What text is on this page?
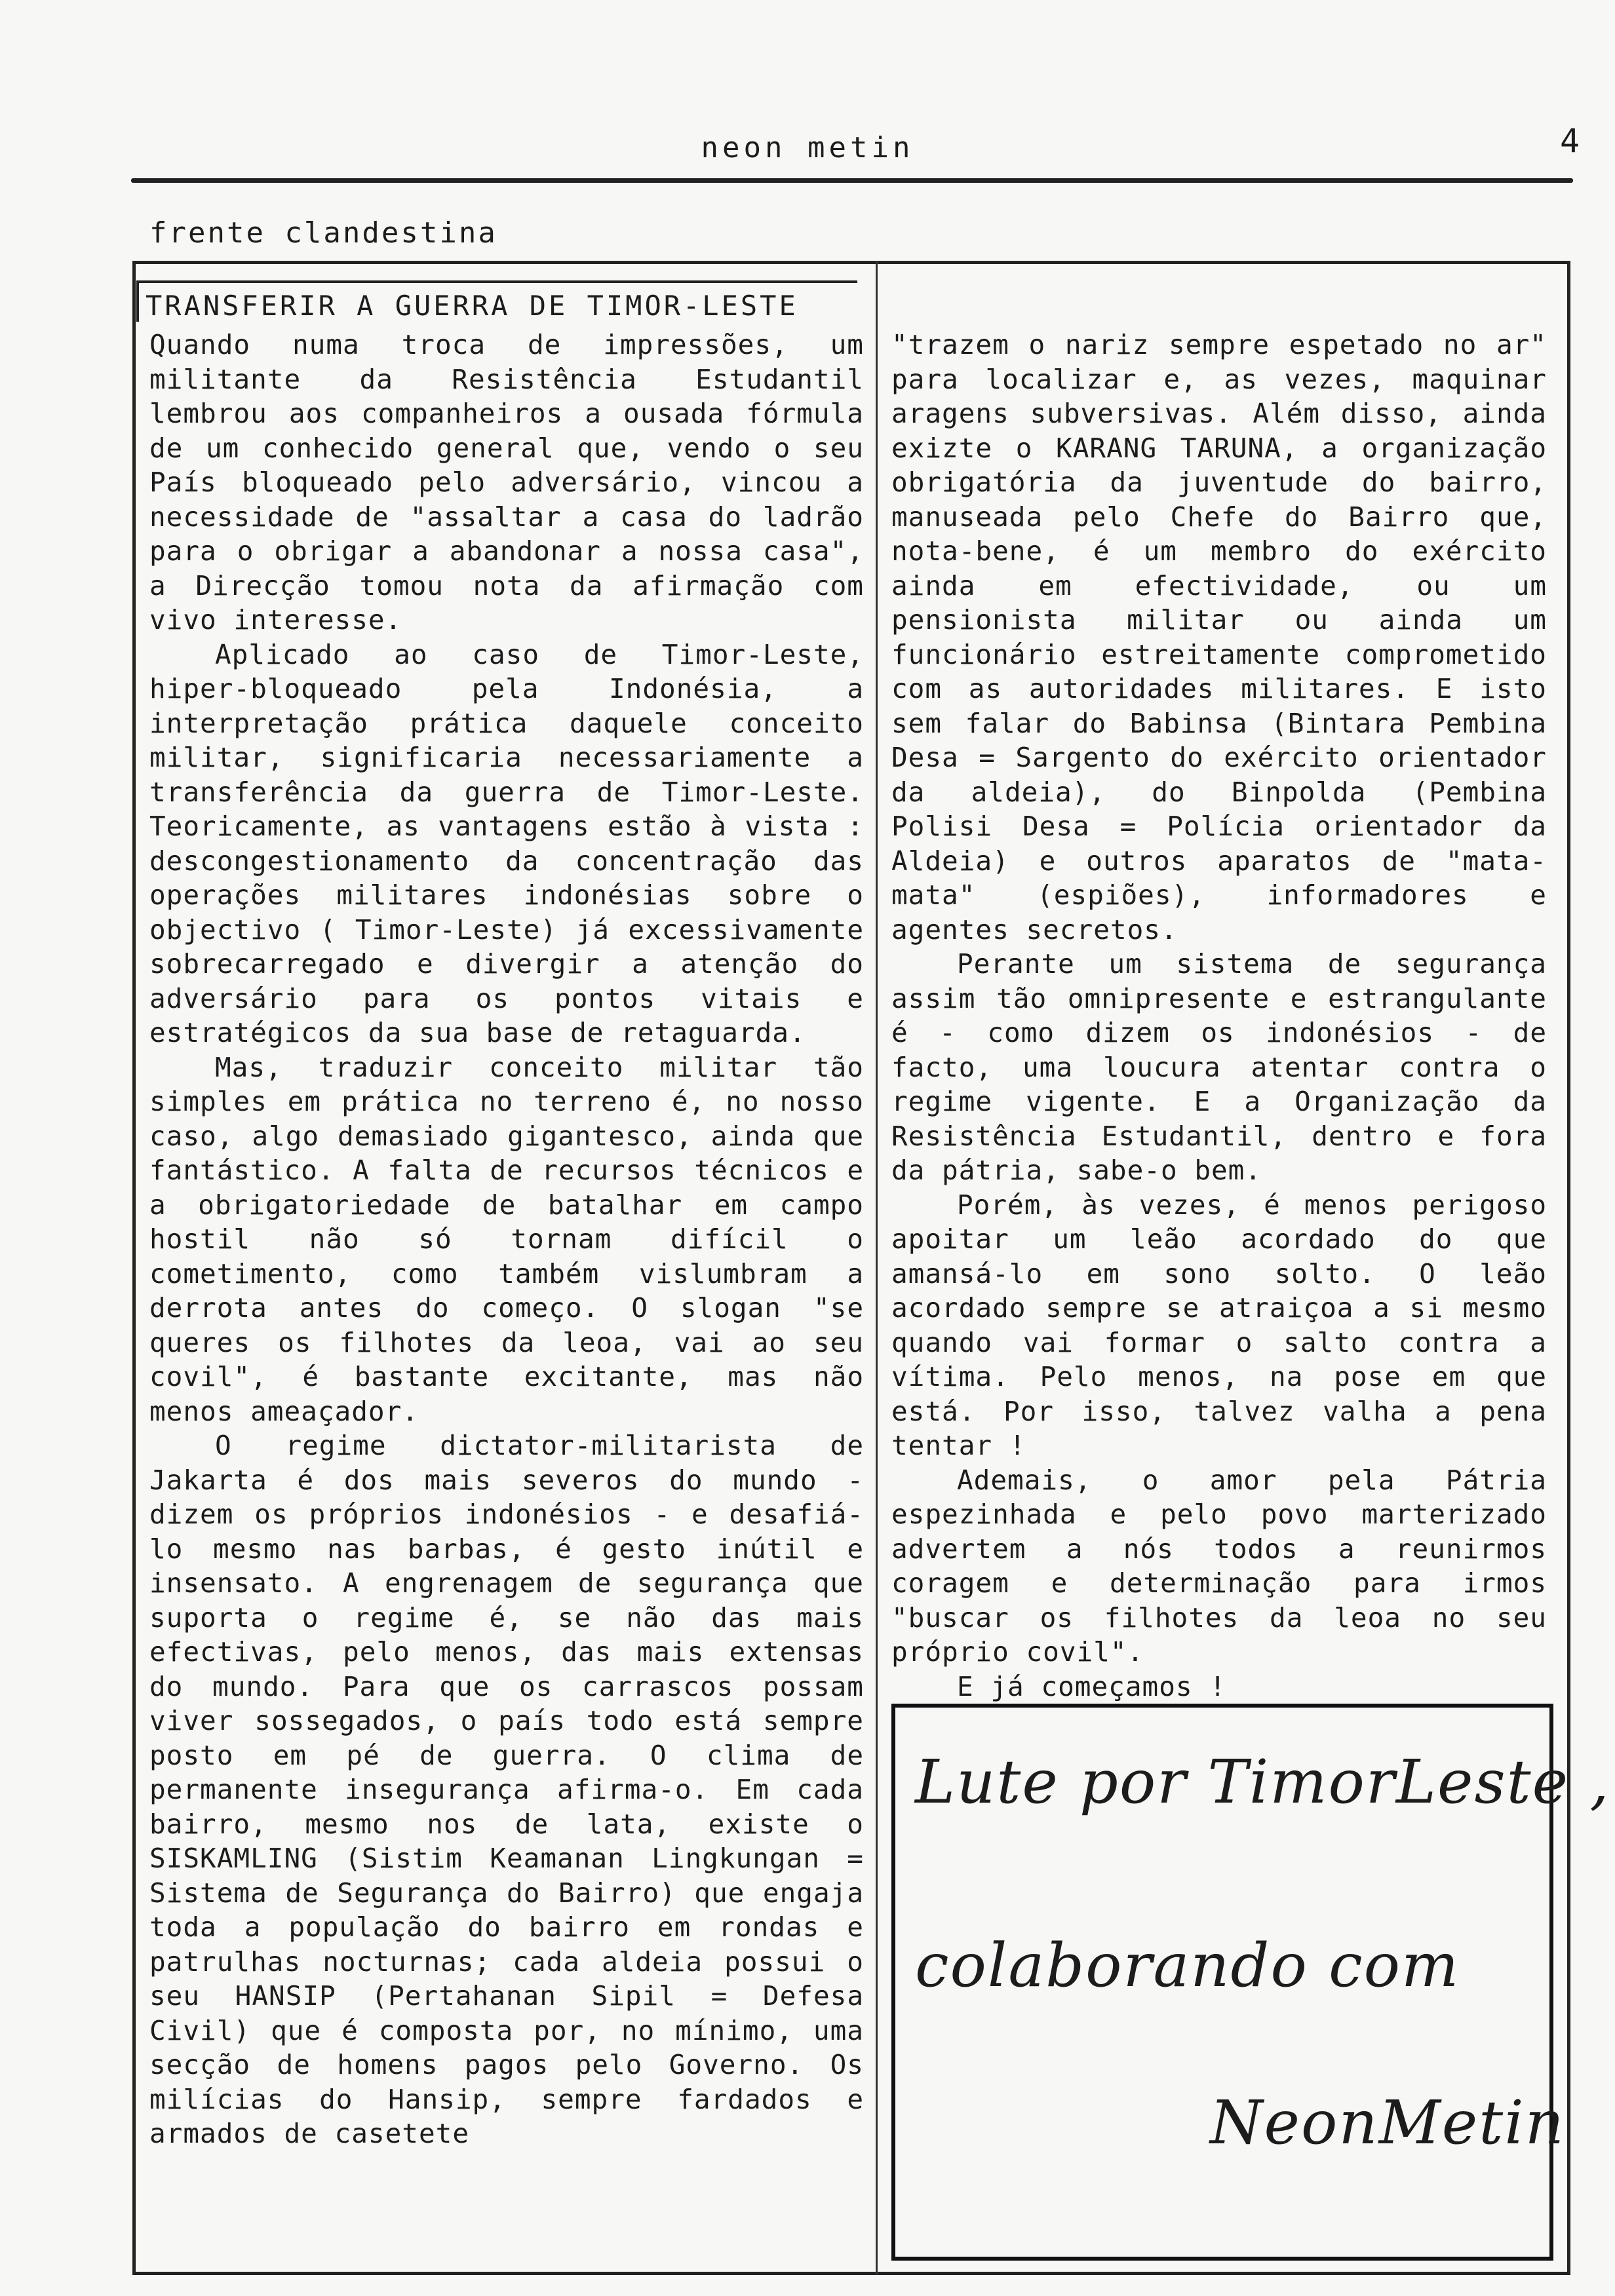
neon metin	4
frente clandestina
TRANSFERIR A GUERRA DE TIMOR-LESTE

Quando numa troca de impressões, um militante da Resistência Estudantil lembrou aos companheiros a ousada fórmula de um conhecido general que, vendo o seu País bloqueado pelo adversário, vincou a necessidade de "assaltar a casa do ladrão para o obrigar a abandonar a nossa casa", a Direcção tomou nota da afirmação com vivo interesse.

Aplicado ao caso de Timor-Leste, hiper-bloqueado pela Indonésia, a interpretação prática daquele conceito militar, significaria necessariamente a transferência da guerra de Timor-Leste. Teoricamente, as vantagens estão à vista : descongestionamento da concentração das operações militares indonésias sobre o objectivo ( Timor-Leste) já excessivamente sobrecarregado e divergir a atenção do adversário para os pontos vitais e estratégicos da sua base de retaguarda.

Mas, traduzir conceito militar tão simples em prática no terreno é, no nosso caso, algo demasiado gigantesco, ainda que fantástico. A falta de recursos técnicos e a obrigatoriedade de batalhar em campo hostil não só tornam difícil o cometimento, como também vislumbram a derrota antes do começo. O slogan "se queres os filhotes da leoa, vai ao seu covil", é bastante excitante, mas não menos ameaçador.

O regime dictator-militarista de Jakarta é dos mais severos do mundo - dizem os próprios indonésios - e desafiá-lo mesmo nas barbas, é gesto inútil e insensato. A engrenagem de segurança que suporta o regime é, se não das mais efectivas, pelo menos, das mais extensas do mundo. Para que os carrascos possam viver sossegados, o país todo está sempre posto em pé de guerra. O clima de permanente insegurança afirma-o. Em cada bairro, mesmo nos de lata, existe o SISKAMLING (Sistim Keamanan Lingkungan = Sistema de Segurança do Bairro) que engaja toda a população do bairro em rondas e patrulhas nocturnas; cada aldeia possui o seu HANSIP (Pertahanan Sipil = Defesa Civil) que é composta por, no mínimo, uma secção de homens pagos pelo Governo. Os milícias do Hansip, sempre fardados e armados de casetete

"trazem o nariz sempre espetado no ar" para localizar e, as vezes, maquinar aragens subversivas. Além disso, ainda exizte o KARANG TARUNA, a organização obrigatória da juventude do bairro, manuseada pelo Chefe do Bairro que, nota-bene, é um membro do exército ainda em efectividade, ou um pensionista militar ou ainda um funcionário estreitamente comprometido com as autoridades militares. E isto sem falar do Babinsa (Bintara Pembina Desa = Sargento do exército orientador da aldeia), do Binpolda (Pembina Polisi Desa = Polícia orientador da Aldeia) e outros aparatos de "mata-mata" (espiões), informadores e agentes secretos.

Perante um sistema de segurança assim tão omnipresente e estrangulante é - como dizem os indonésios - de facto, uma loucura atentar contra o regime vigente. E a Organização da Resistência Estudantil, dentro e fora da pátria, sabe-o bem.

Porém, às vezes, é menos perigoso apoitar um leão acordado do que amansá-lo em sono solto. O leão acordado sempre se atraiçoa a si mesmo quando vai formar o salto contra a vítima. Pelo menos, na pose em que está. Por isso, talvez valha a pena tentar !

Ademais, o amor pela Pátria espezinhada e pelo povo marterizado advertem a nós todos a reunirmos coragem e determinação para irmos "buscar os filhotes da leoa no seu próprio covil".

E já começamos !

Lute por TimorLeste ,
colaborando com
NeonMetin
